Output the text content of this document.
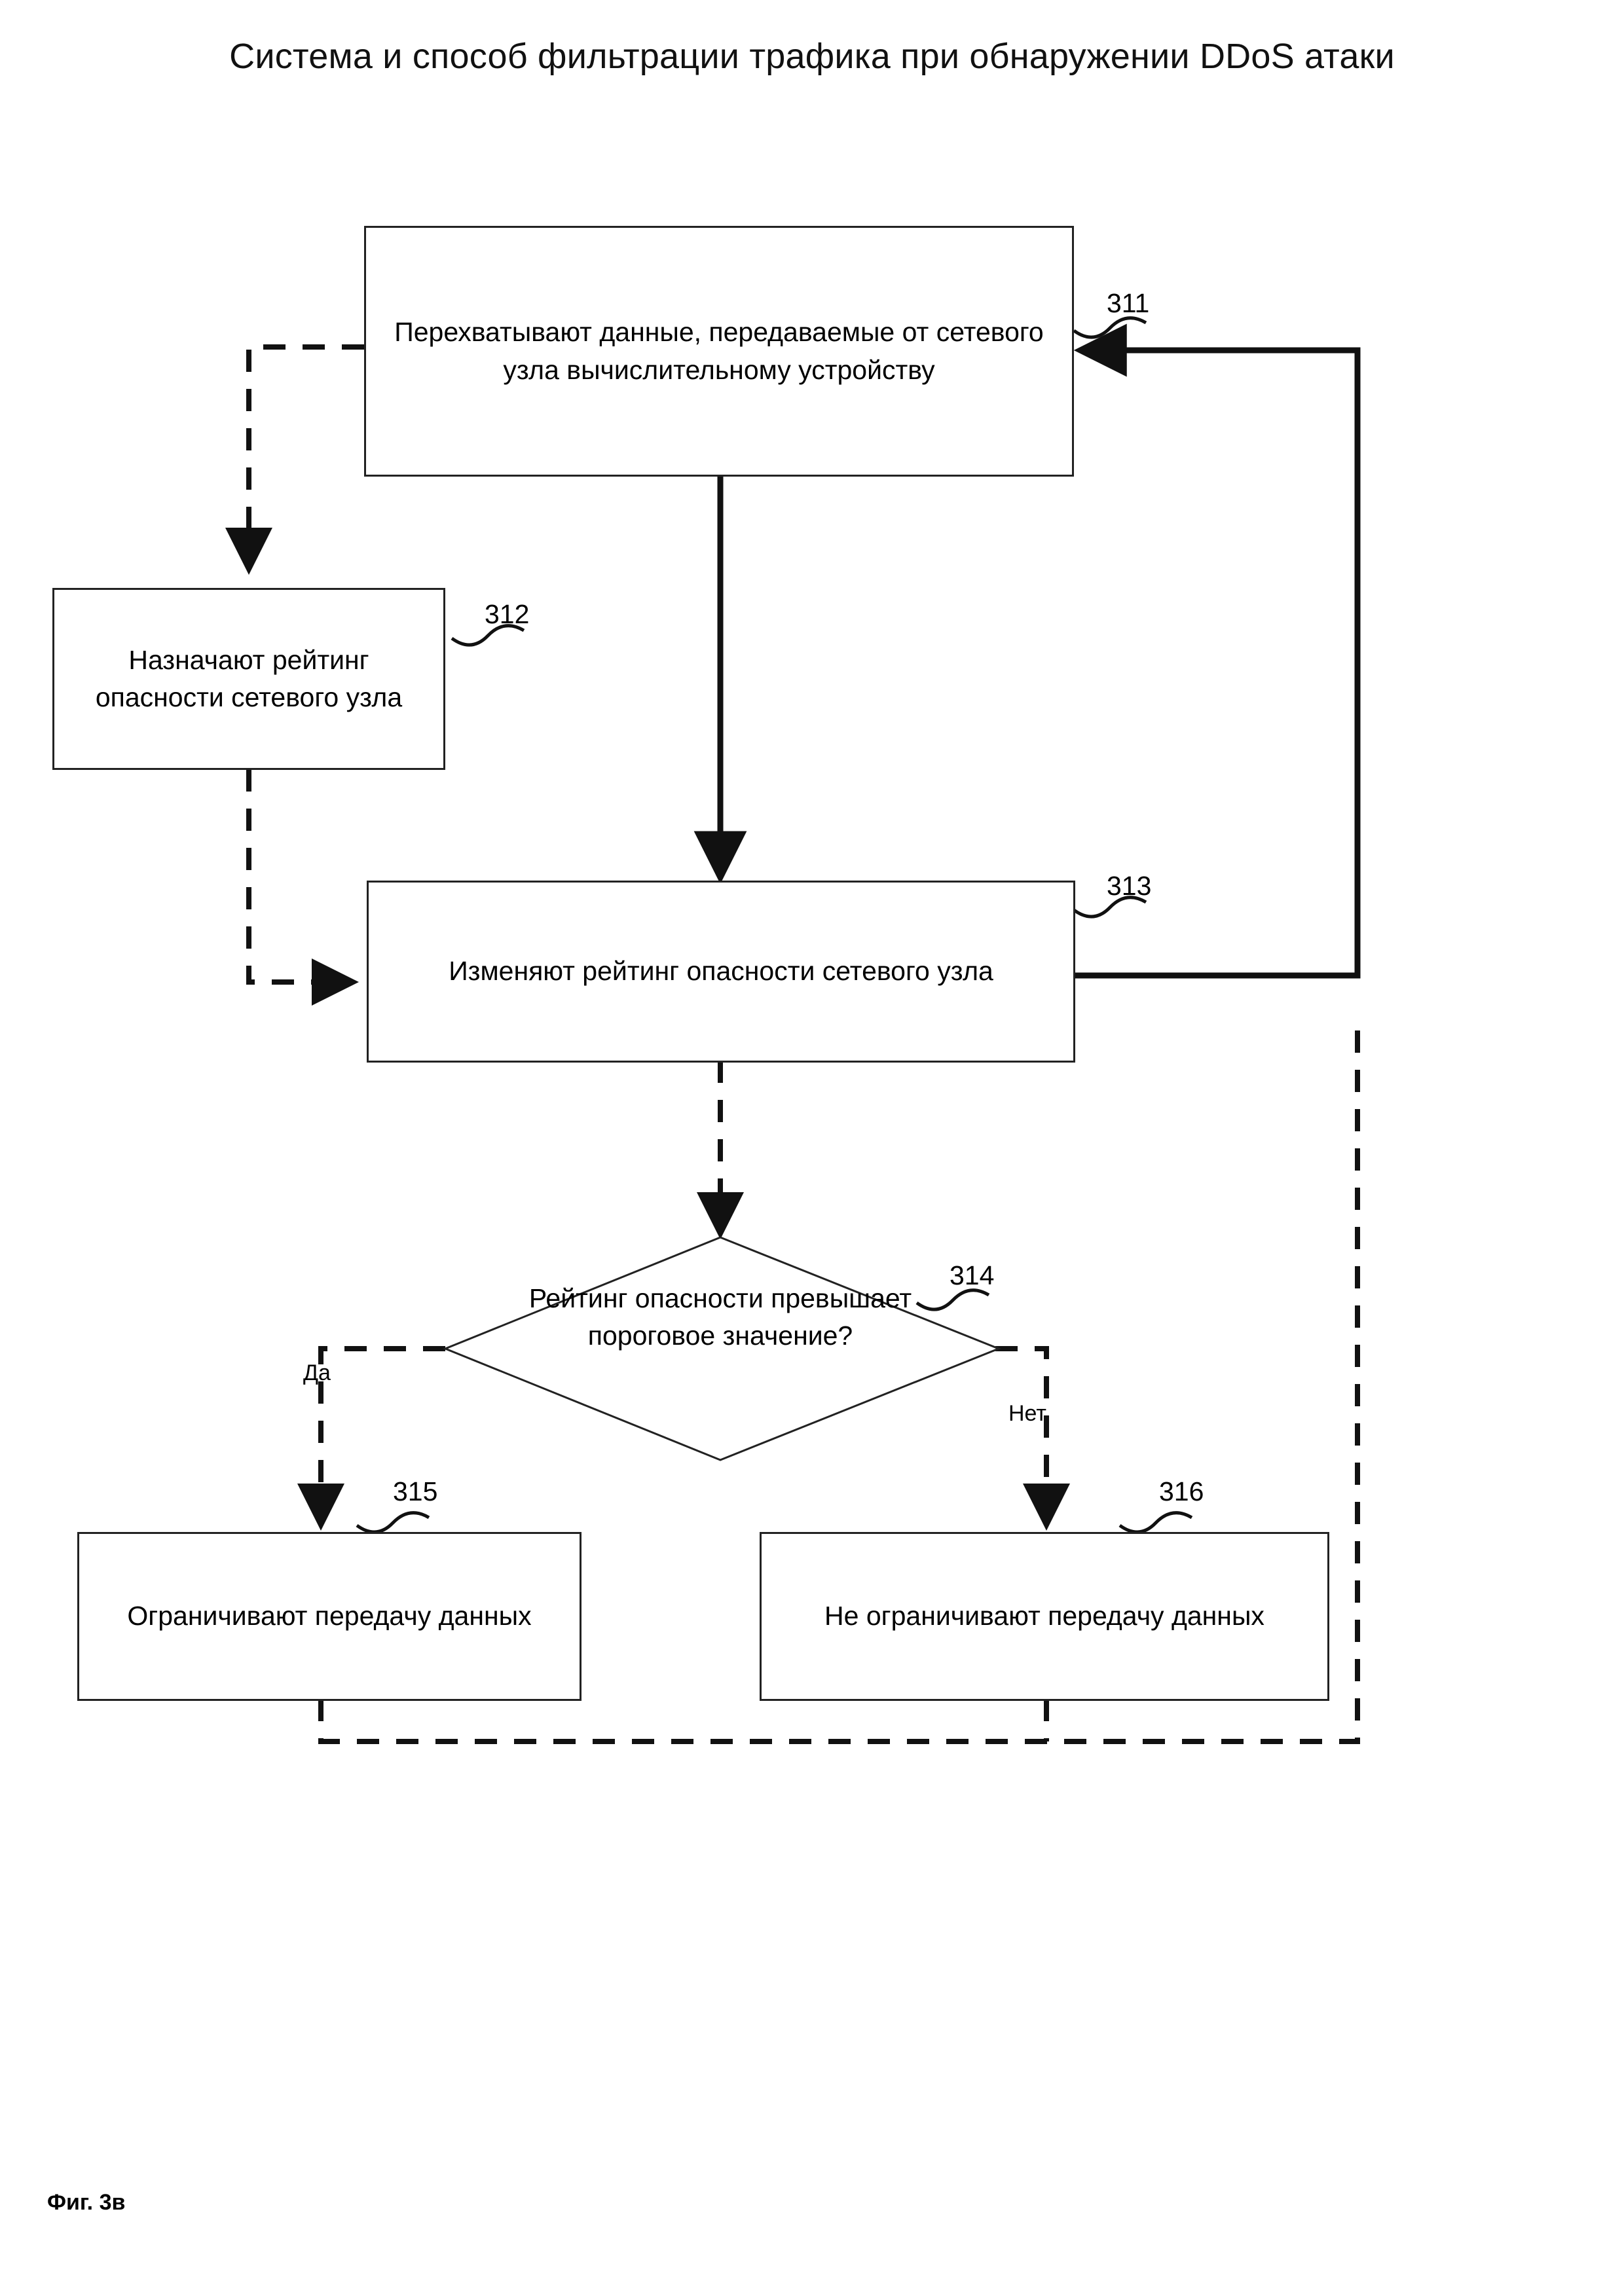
Система и способ фильтрации трафика при обнаружении DDoS атаки
Перехватывают данные, передаваемые от сетевого узла вычислительному устройству
311
Назначают рейтинг опасности сетевого узла
312
Изменяют рейтинг опасности сетевого узла
313
Рейтинг опасности превышает пороговое значение?
314
Да
Нет
Ограничивают передачу данных
315
Не ограничивают передачу данных
316
Фиг. 3в
